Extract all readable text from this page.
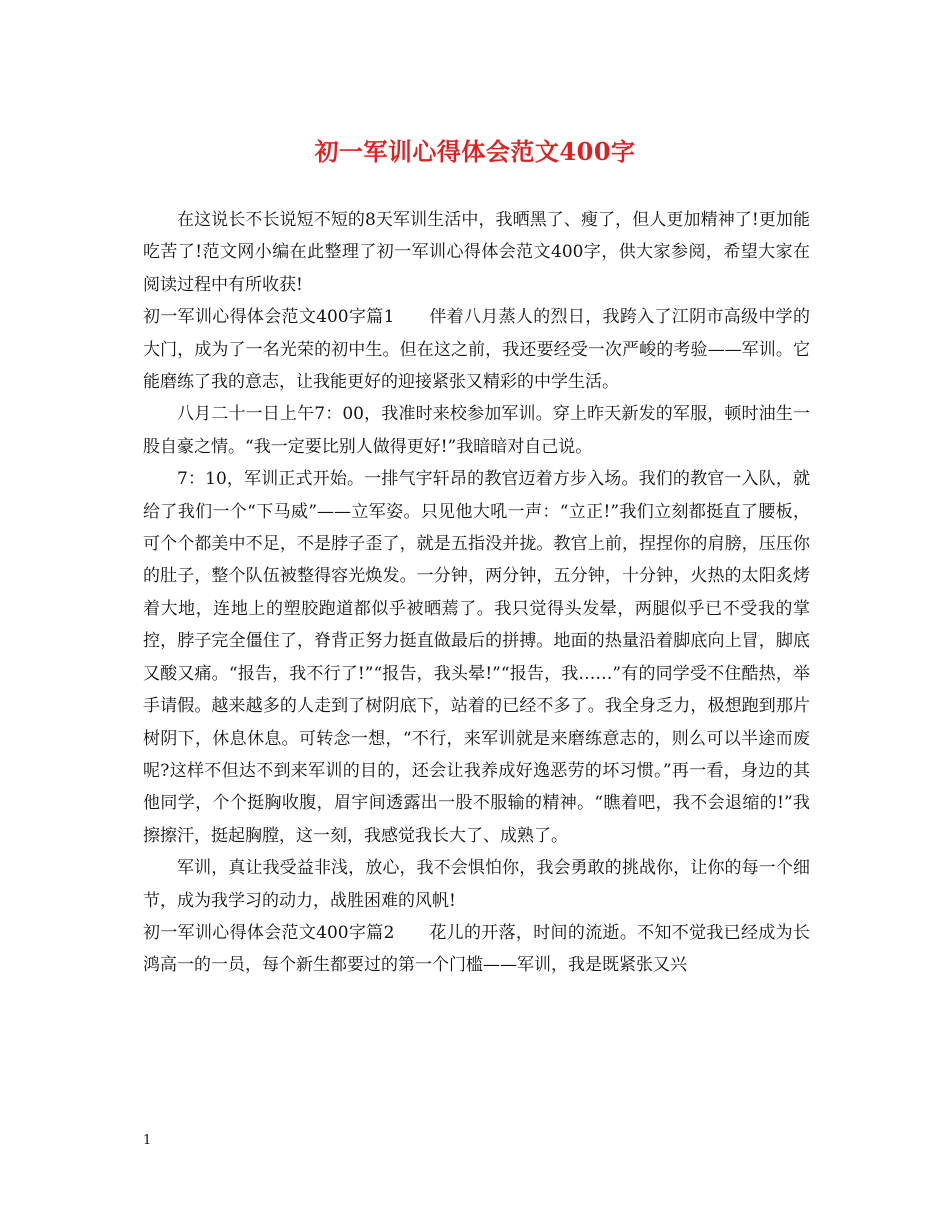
初一军训心得体会范文400字

在这说长不长说短不短的8天军训生活中，我晒黑了、瘦了，但人更加精神了!更加能吃苦了!范文网小编在此整理了初一军训心得体会范文400字，供大家参阅，希望大家在阅读过程中有所收获!

初一军训心得体会范文400字篇1　　伴着八月蒸人的烈日，我跨入了江阴市高级中学的大门，成为了一名光荣的初中生。但在这之前，我还要经受一次严峻的考验——军训。它能磨练了我的意志，让我能更好的迎接紧张又精彩的中学生活。

八月二十一日上午7：00，我准时来校参加军训。穿上昨天新发的军服，顿时油生一股自豪之情。“我一定要比别人做得更好!”我暗暗对自己说。

7：10，军训正式开始。一排气宇轩昂的教官迈着方步入场。我们的教官一入队，就给了我们一个“下马威”——立军姿。只见他大吼一声：“立正!”我们立刻都挺直了腰板，可个个都美中不足，不是脖子歪了，就是五指没并拢。教官上前，捏捏你的肩膀，压压你的肚子，整个队伍被整得容光焕发。一分钟，两分钟，五分钟，十分钟，火热的太阳炙烤着大地，连地上的塑胶跑道都似乎被晒蔫了。我只觉得头发晕，两腿似乎已不受我的掌控，脖子完全僵住了，脊背正努力挺直做最后的拼搏。地面的热量沿着脚底向上冒，脚底又酸又痛。“报告，我不行了!”“报告，我头晕!”“报告，我……”有的同学受不住酷热，举手请假。越来越多的人走到了树阴底下，站着的已经不多了。我全身乏力，极想跑到那片树阴下，休息休息。可转念一想，“不行，来军训就是来磨练意志的，则么可以半途而废呢?这样不但达不到来军训的目的，还会让我养成好逸恶劳的坏习惯。”再一看，身边的其他同学，个个挺胸收腹，眉宇间透露出一股不服输的精神。“瞧着吧，我不会退缩的!”我擦擦汗，挺起胸膛，这一刻，我感觉我长大了、成熟了。

军训，真让我受益非浅，放心，我不会惧怕你，我会勇敢的挑战你，让你的每一个细节，成为我学习的动力，战胜困难的风帆!

初一军训心得体会范文400字篇2　　花儿的开落，时间的流逝。不知不觉我已经成为长鸿高一的一员，每个新生都要过的第一个门槛——军训，我是既紧张又兴

1
